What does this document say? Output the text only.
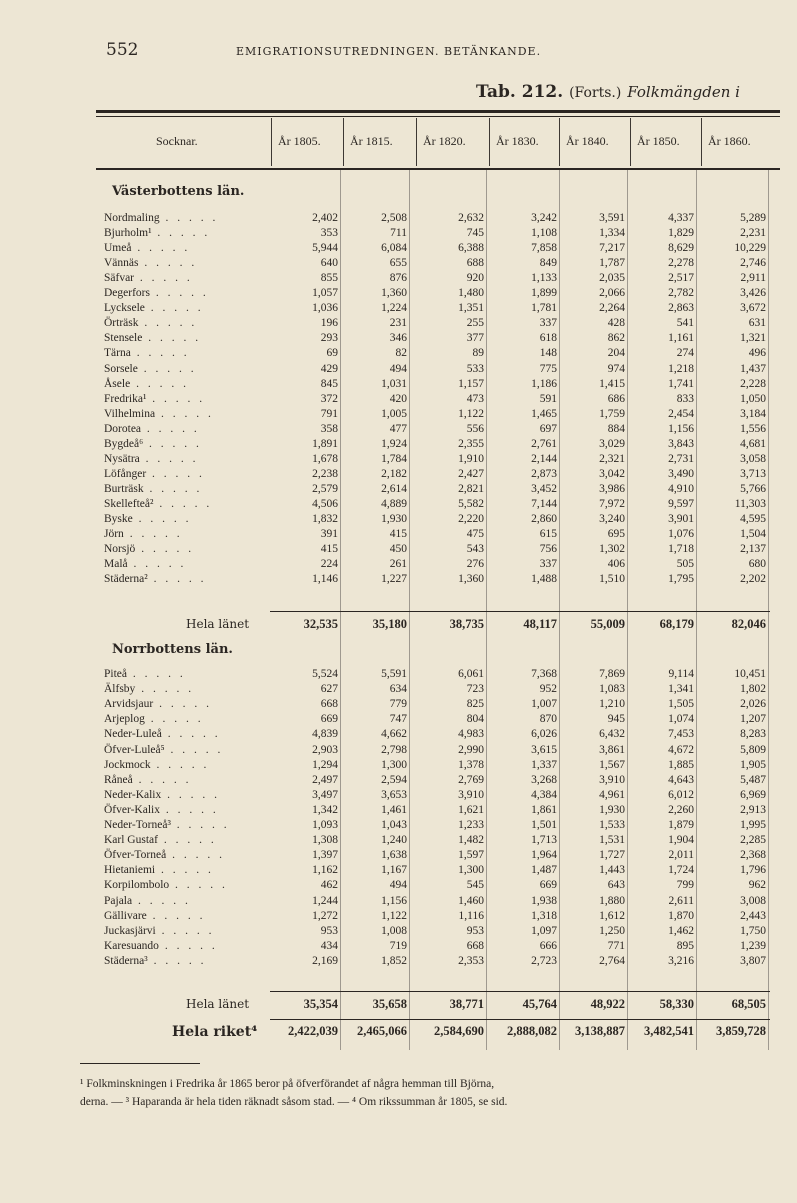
552	EMIGRATIONSUTREDNINGEN. BETÄNKANDE.
Tab. 212. (Forts.) Folkmängden i
Socknar.	År 1805. År 1815.	År 1820.	År 1830. År 1840. År 1850. År 1860.
Västerbottens län.
Nordmaling . . . . .	2,402	2,508	2,632	3,242	3,591	4,337	5,289
Bjurholm¹ . . . . .	353	711	745	1,108	1,334	1,829	2,231
Umeå . . . . .	5,944	6,084	6,388	7,858	7,217	8,629	10,229
Vännäs . . . . .	640	655	688	849	1,787	2,278	2,746
Säfvar . . . . .	855	876	920	1,133	2,035	2,517	2,911
Degerfors . . . . .	1,057	1,360	1,480	1,899	2,066	2,782	3,426
Lycksele . . . . .	1,036	1,224	1,351	1,781	2,264	2,863	3,672
Örträsk . . . . .	196	231	255	337	428	541	631
Stensele . . . . .	293	346	377	618	862	1,161	1,321
Tärna . . . . .	69	82	89	148	204	274	496
Sorsele . . . . .	429	494	533	775	974	1,218	1,437
Åsele . . . . .	845	1,031	1,157	1,186	1,415	1,741	2,228
Fredrika¹ . . . . .	372	420	473	591	686	833	1,050
Vilhelmina . . . . .	791	1,005	1,122	1,465	1,759	2,454	3,184
Dorotea . . . . .	358	477	556	697	884	1,156	1,556
Bygdeå⁶ . . . . .	1,891	1,924	2,355	2,761	3,029	3,843	4,681
Nysätra . . . . .	1,678	1,784	1,910	2,144	2,321	2,731	3,058
Löfånger . . . . .	2,238	2,182	2,427	2,873	3,042	3,490	3,713
Burträsk . . . . .	2,579	2,614	2,821	3,452	3,986	4,910	5,766
Skellefteå² . . . . .	4,506	4,889	5,582	7,144	7,972	9,597	11,303
Byske . . . . .	1,832	1,930	2,220	2,860	3,240	3,901	4,595
Jörn . . . . .	391	415	475	615	695	1,076	1,504
Norsjö . . . . .	415	450	543	756	1,302	1,718	2,137
Malå . . . . .	224	261	276	337	406	505	680
Städerna² . . . . .	1,146	1,227	1,360	1,488	1,510	1,795	2,202
Hela länet	32,535	35,180	38,735	48,117	55,009	68,179	82,046
Norrbottens län.
Piteå . . . . .	5,524	5,591	6,061	7,368	7,869	9,114	10,451
Älfsby . . . . .	627	634	723	952	1,083	1,341	1,802
Arvidsjaur . . . . .	668	779	825	1,007	1,210	1,505	2,026
Arjeplog . . . . .	669	747	804	870	945	1,074	1,207
Neder-Luleå . . . . .	4,839	4,662	4,983	6,026	6,432	7,453	8,283
Öfver-Luleå⁵ . . . . .	2,903	2,798	2,990	3,615	3,861	4,672	5,809
Jockmock . . . . .	1,294	1,300	1,378	1,337	1,567	1,885	1,905
Råneå . . . . .	2,497	2,594	2,769	3,268	3,910	4,643	5,487
Neder-Kalix . . . . .	3,497	3,653	3,910	4,384	4,961	6,012	6,969
Öfver-Kalix . . . . .	1,342	1,461	1,621	1,861	1,930	2,260	2,913
Neder-Torneå³ . . . . .	1,093	1,043	1,233	1,501	1,533	1,879	1,995
Karl Gustaf . . . . .	1,308	1,240	1,482	1,713	1,531	1,904	2,285
Öfver-Torneå . . . . .	1,397	1,638	1,597	1,964	1,727	2,011	2,368
Hietaniemi . . . . .	1,162	1,167	1,300	1,487	1,443	1,724	1,796
Korpilombolo . . . . .	462	494	545	669	643	799	962
Pajala . . . . .	1,244	1,156	1,460	1,938	1,880	2,611	3,008
Gällivare . . . . .	1,272	1,122	1,116	1,318	1,612	1,870	2,443
Juckasjärvi . . . . .	953	1,008	953	1,097	1,250	1,462	1,750
Karesuando . . . . .	434	719	668	666	771	895	1,239
Städerna³ . . . . .	2,169	1,852	2,353	2,723	2,764	3,216	3,807
Hela länet	35,354	35,658	38,771	45,764	48,922	58,330	68,505
Hela riket⁴	2,422,039	2,465,066	2,584,690	2,888,082	3,138,887	3,482,541	3,859,728
¹ Folkminskningen i Fredrika år 1865 beror på öfverförandet af några hemman till Björna,
derna. — ³ Haparanda är hela tiden räknadt såsom stad. — ⁴ Om rikssumman år 1805, se sid.
